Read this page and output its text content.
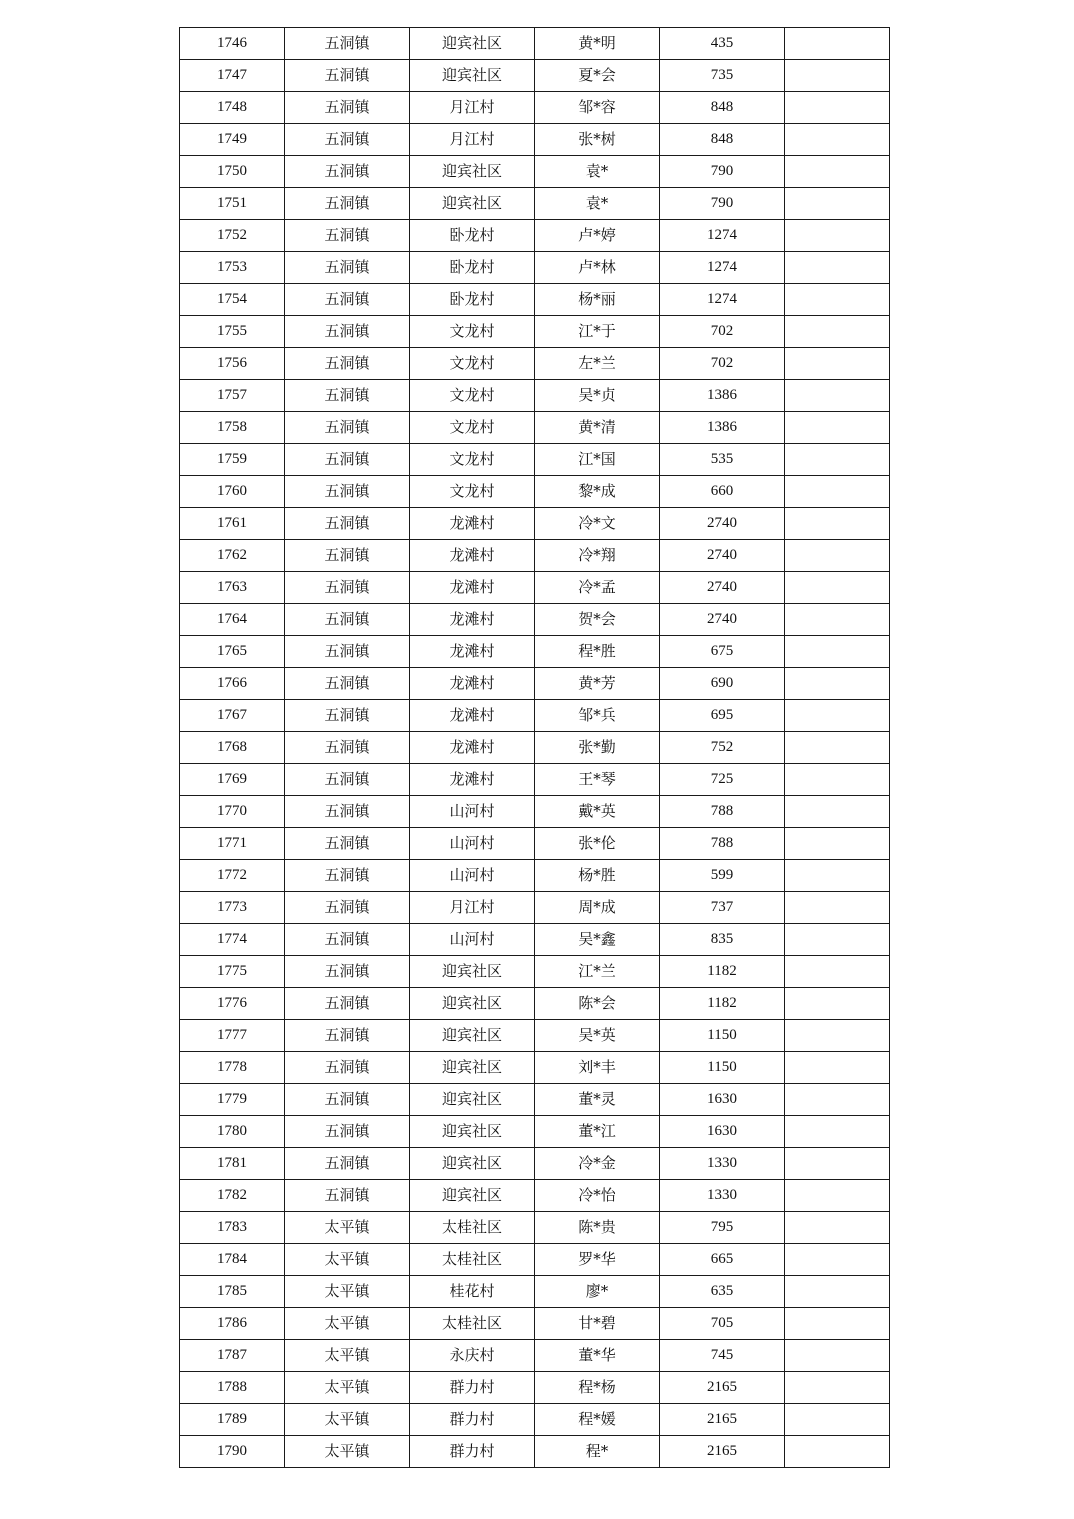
1746	五洞镇	迎宾社区	黄*明	435	
1747	五洞镇	迎宾社区	夏*会	735	
1748	五洞镇	月江村	邹*容	848	
1749	五洞镇	月江村	张*树	848	
1750	五洞镇	迎宾社区	袁*	790	
1751	五洞镇	迎宾社区	袁*	790	
1752	五洞镇	卧龙村	卢*婷	1274	
1753	五洞镇	卧龙村	卢*林	1274	
1754	五洞镇	卧龙村	杨*丽	1274	
1755	五洞镇	文龙村	江*于	702	
1756	五洞镇	文龙村	左*兰	702	
1757	五洞镇	文龙村	吴*贞	1386	
1758	五洞镇	文龙村	黄*清	1386	
1759	五洞镇	文龙村	江*国	535	
1760	五洞镇	文龙村	黎*成	660	
1761	五洞镇	龙滩村	冷*文	2740	
1762	五洞镇	龙滩村	冷*翔	2740	
1763	五洞镇	龙滩村	冷*孟	2740	
1764	五洞镇	龙滩村	贺*会	2740	
1765	五洞镇	龙滩村	程*胜	675	
1766	五洞镇	龙滩村	黄*芳	690	
1767	五洞镇	龙滩村	邹*兵	695	
1768	五洞镇	龙滩村	张*勤	752	
1769	五洞镇	龙滩村	王*琴	725	
1770	五洞镇	山河村	戴*英	788	
1771	五洞镇	山河村	张*伦	788	
1772	五洞镇	山河村	杨*胜	599	
1773	五洞镇	月江村	周*成	737	
1774	五洞镇	山河村	吴*鑫	835	
1775	五洞镇	迎宾社区	江*兰	1182	
1776	五洞镇	迎宾社区	陈*会	1182	
1777	五洞镇	迎宾社区	吴*英	1150	
1778	五洞镇	迎宾社区	刘*丰	1150	
1779	五洞镇	迎宾社区	董*灵	1630	
1780	五洞镇	迎宾社区	董*江	1630	
1781	五洞镇	迎宾社区	冷*金	1330	
1782	五洞镇	迎宾社区	冷*怡	1330	
1783	太平镇	太桂社区	陈*贵	795	
1784	太平镇	太桂社区	罗*华	665	
1785	太平镇	桂花村	廖*	635	
1786	太平镇	太桂社区	甘*碧	705	
1787	太平镇	永庆村	董*华	745	
1788	太平镇	群力村	程*杨	2165	
1789	太平镇	群力村	程*媛	2165	
1790	太平镇	群力村	程*	2165	
